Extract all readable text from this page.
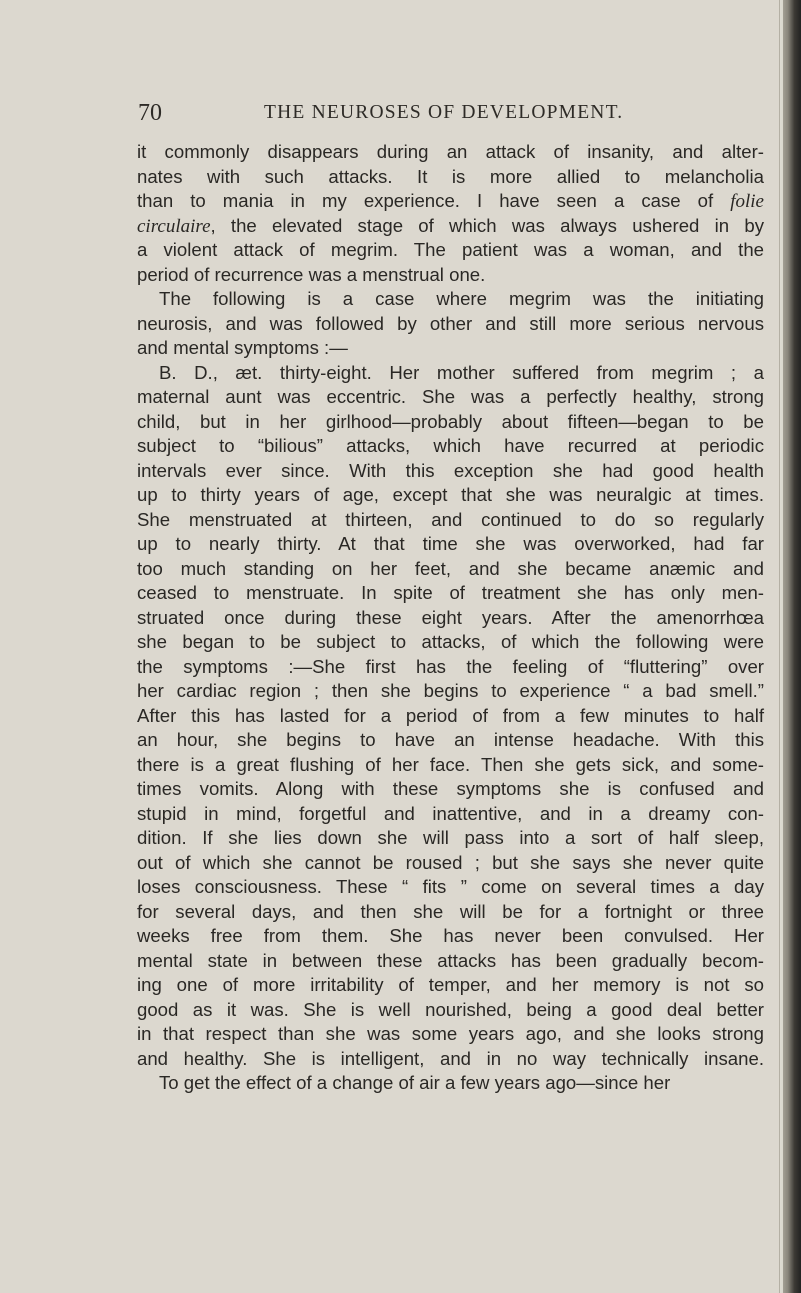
70	THE NEUROSES OF DEVELOPMENT.
it commonly disappears during an attack of insanity, and alter-
nates with such attacks. It is more allied to melancholia
than to mania in my experience. I have seen a case of folie
circulaire, the elevated stage of which was always ushered in by
a violent attack of megrim. The patient was a woman, and the
period of recurrence was a menstrual one.
The following is a case where megrim was the initiating
neurosis, and was followed by other and still more serious nervous
and mental symptoms :—
B. D., æt. thirty-eight. Her mother suffered from megrim ; a
maternal aunt was eccentric. She was a perfectly healthy, strong
child, but in her girlhood—probably about fifteen—began to be
subject to “bilious” attacks, which have recurred at periodic
intervals ever since. With this exception she had good health
up to thirty years of age, except that she was neuralgic at times.
She menstruated at thirteen, and continued to do so regularly
up to nearly thirty. At that time she was overworked, had far
too much standing on her feet, and she became anæmic and
ceased to menstruate. In spite of treatment she has only men-
struated once during these eight years. After the amenorrhœa
she began to be subject to attacks, of which the following were
the symptoms :—She first has the feeling of “fluttering” over
her cardiac region ; then she begins to experience “ a bad smell.”
After this has lasted for a period of from a few minutes to half
an hour, she begins to have an intense headache. With this
there is a great flushing of her face. Then she gets sick, and some-
times vomits. Along with these symptoms she is confused and
stupid in mind, forgetful and inattentive, and in a dreamy con-
dition. If she lies down she will pass into a sort of half sleep,
out of which she cannot be roused ; but she says she never quite
loses consciousness. These “ fits ” come on several times a day
for several days, and then she will be for a fortnight or three
weeks free from them. She has never been convulsed. Her
mental state in between these attacks has been gradually becom-
ing one of more irritability of temper, and her memory is not so
good as it was. She is well nourished, being a good deal better
in that respect than she was some years ago, and she looks strong
and healthy. She is intelligent, and in no way technically insane.
To get the effect of a change of air a few years ago—since her
